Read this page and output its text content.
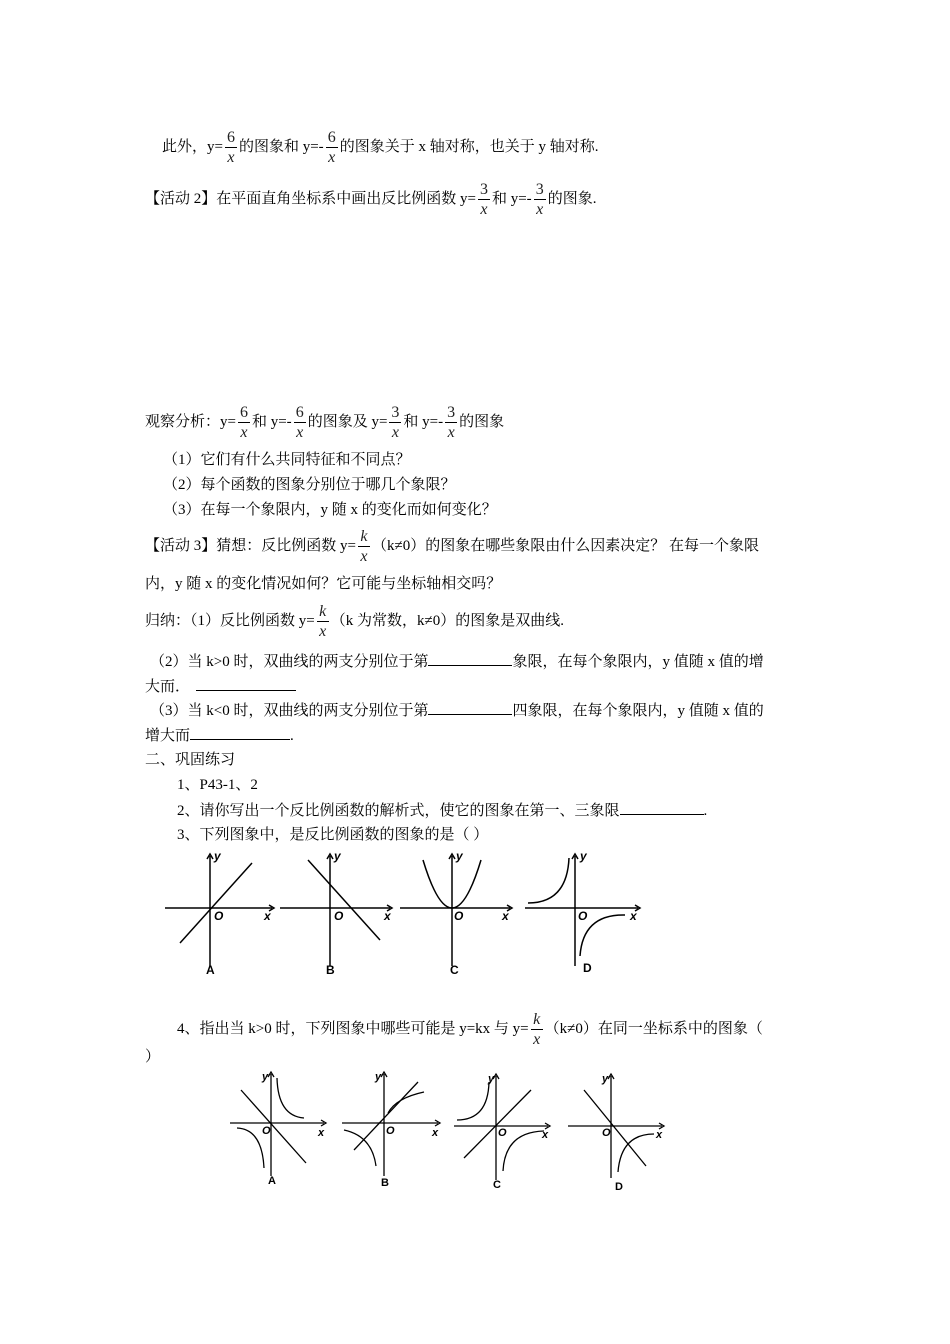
此外，$y= \frac{6}{x}$ 的图象和 $y=- \frac{6}{x}$ 的图象关于 x 轴对称，也关于 y 轴对称.
【活动 2】在平面直角坐标系中画出反比例函数 $y= \frac{3}{x}$ 和 $y=- \frac{3}{x}$ 的图象.
观察分析：$y= \frac{6}{x}$ 和 $y=- \frac{6}{x}$ 的图象及 $y= \frac{3}{x}$ 和 $y=- \frac{3}{x}$ 的图象
（1）它们有什么共同特征和不同点？
（2）每个函数的图象分别位于哪几个象限？
（3）在每一个象限内，y 随 x 的变化而如何变化？
【活动 3】猜想：反比例函数 $y= \frac{k}{x} (k\ne 0)$的图象在哪些象限由什么因素决定？ 在每一个象限
内，y 随 x 的变化情况如何？它可能与坐标轴相交吗？
归纳：（1）反比例函数 $y= \frac{k}{x} (k$ 为常数，k≠0）的图象是双曲线.
（2）当 k>0 时，双曲线的两支分别位于第	象限，在每个象限内，y 值随 x 值的增
大而．
（3）当 k<0 时，双曲线的两支分别位于第	四象限，在每个象限内，y 值随 x 值的
增大而	.
二、巩固练习
1、P43-1、2
2、请你写出一个反比例函数的解析式，使它的图象在第一、三象限	.
3、下列图象中，是反比例函数的图象的是（ ）
y
x
O
y
x
O
y
x
O
y
x
O
A	B	C	D
4、指出当 k>0 时，下列图象中哪些可能是 y=kx 与 $y= \frac{k}{x} (k\ne 0)$在同一坐标系中的图象（
）
y
x
O
y
x
O
y
x
O
y
x
O
A	B	C	D
